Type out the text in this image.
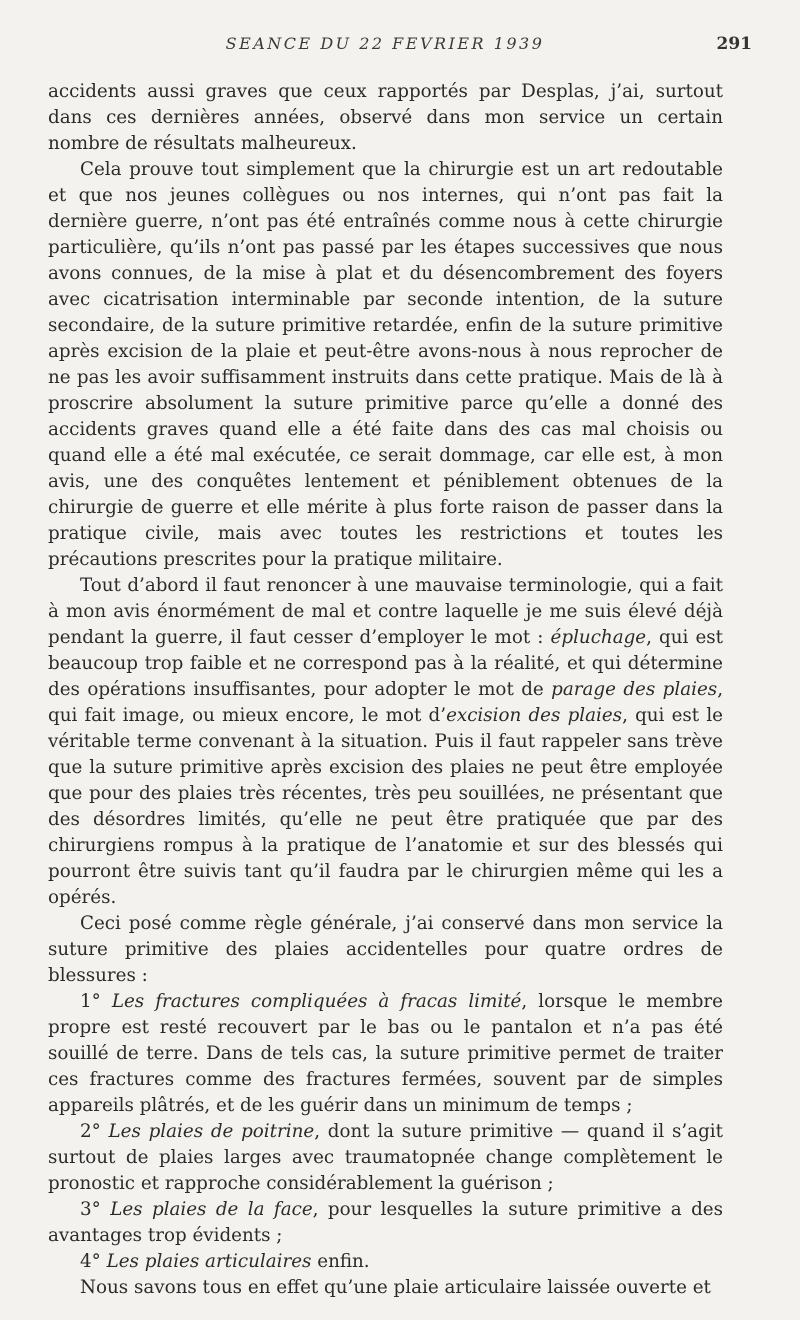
SEANCE DU 22 FEVRIER 1939	291

accidents aussi graves que ceux rapportés par Desplas, j’ai, surtout dans ces dernières années, observé dans mon service un certain nombre de résultats malheureux.

Cela prouve tout simplement que la chirurgie est un art redoutable et que nos jeunes collègues ou nos internes, qui n’ont pas fait la dernière guerre, n’ont pas été entraînés comme nous à cette chirurgie particulière, qu’ils n’ont pas passé par les étapes successives que nous avons connues, de la mise à plat et du désencombrement des foyers avec cicatrisation interminable par seconde intention, de la suture secondaire, de la suture primitive retardée, enfin de la suture primitive après excision de la plaie et peut-être avons-nous à nous reprocher de ne pas les avoir suffisamment instruits dans cette pratique. Mais de là à proscrire absolument la suture primitive parce qu’elle a donné des accidents graves quand elle a été faite dans des cas mal choisis ou quand elle a été mal exécutée, ce serait dommage, car elle est, à mon avis, une des conquêtes lentement et péniblement obtenues de la chirurgie de guerre et elle mérite à plus forte raison de passer dans la pratique civile, mais avec toutes les restrictions et toutes les précautions prescrites pour la pratique militaire.

Tout d’abord il faut renoncer à une mauvaise terminologie, qui a fait à mon avis énormément de mal et contre laquelle je me suis élevé déjà pendant la guerre, il faut cesser d’employer le mot : épluchage, qui est beaucoup trop faible et ne correspond pas à la réalité, et qui détermine des opérations insuffisantes, pour adopter le mot de parage des plaies, qui fait image, ou mieux encore, le mot d’excision des plaies, qui est le véritable terme convenant à la situation. Puis il faut rappeler sans trève que la suture primitive après excision des plaies ne peut être employée que pour des plaies très récentes, très peu souillées, ne présentant que des désordres limités, qu’elle ne peut être pratiquée que par des chirurgiens rompus à la pratique de l’anatomie et sur des blessés qui pourront être suivis tant qu’il faudra par le chirurgien même qui les a opérés.

Ceci posé comme règle générale, j’ai conservé dans mon service la suture primitive des plaies accidentelles pour quatre ordres de blessures :

1° Les fractures compliquées à fracas limité, lorsque le membre propre est resté recouvert par le bas ou le pantalon et n’a pas été souillé de terre. Dans de tels cas, la suture primitive permet de traiter ces fractures comme des fractures fermées, souvent par de simples appareils plâtrés, et de les guérir dans un minimum de temps ;

2° Les plaies de poitrine, dont la suture primitive — quand il s’agit surtout de plaies larges avec traumatopnée change complètement le pronostic et rapproche considérablement la guérison ;

3° Les plaies de la face, pour lesquelles la suture primitive a des avantages trop évidents ;

4° Les plaies articulaires enfin.

Nous savons tous en effet qu’une plaie articulaire laissée ouverte et
